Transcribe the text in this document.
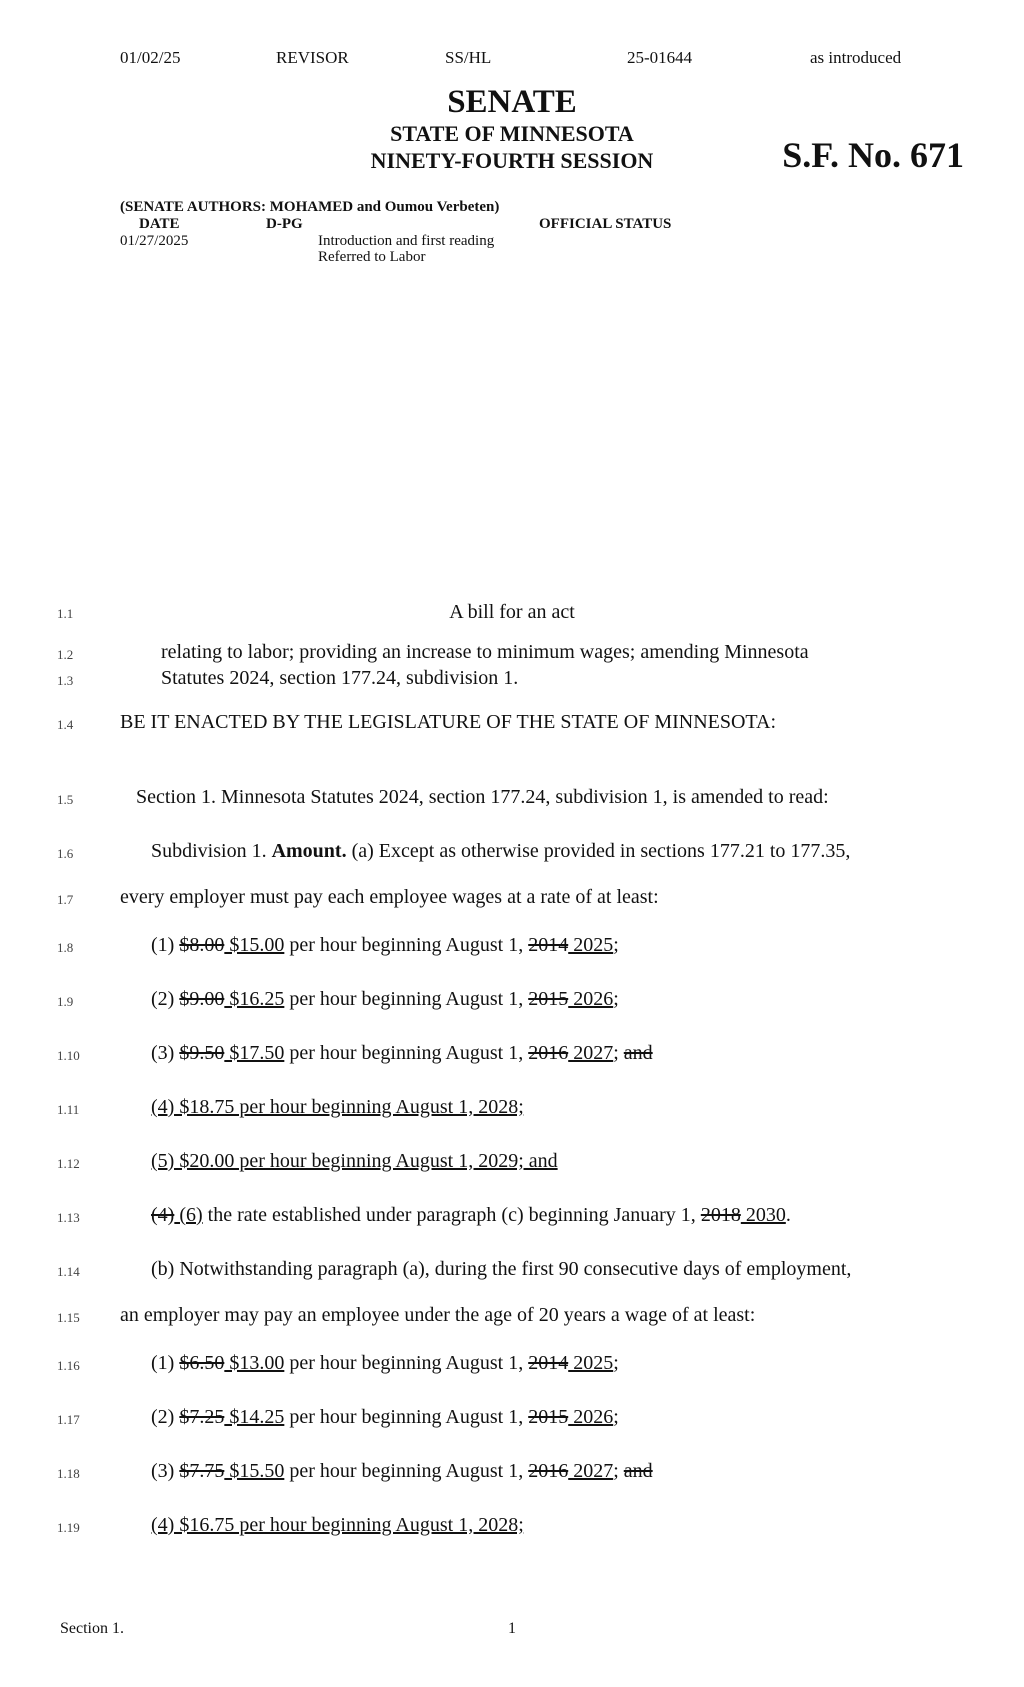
01/02/25	REVISOR	SS/HL	25-01644	as introduced
SENATE
STATE OF MINNESOTA
NINETY-FOURTH SESSION	S.F. No. 671
(SENATE AUTHORS: MOHAMED and Oumou Verbeten)
DATE	D-PG	OFFICIAL STATUS
01/27/2025	Introduction and first reading
Referred to Labor
1.1	A bill for an act
1.2	relating to labor; providing an increase to minimum wages; amending Minnesota
1.3	Statutes 2024, section 177.24, subdivision 1.
1.4 BE IT ENACTED BY THE LEGISLATURE OF THE STATE OF MINNESOTA:
1.5	Section 1. Minnesota Statutes 2024, section 177.24, subdivision 1, is amended to read:
1.6	Subdivision 1. Amount. (a) Except as otherwise provided in sections 177.21 to 177.35,
1.7 every employer must pay each employee wages at a rate of at least:
1.8	(1) $8.00 $15.00 per hour beginning August 1, 2014 2025;
1.9	(2) $9.00 $16.25 per hour beginning August 1, 2015 2026;
1.10	(3) $9.50 $17.50 per hour beginning August 1, 2016 2027; and
1.11	(4) $18.75 per hour beginning August 1, 2028;
1.12	(5) $20.00 per hour beginning August 1, 2029; and
1.13	(4) (6) the rate established under paragraph (c) beginning January 1, 2018 2030.
1.14	(b) Notwithstanding paragraph (a), during the first 90 consecutive days of employment,
1.15 an employer may pay an employee under the age of 20 years a wage of at least:
1.16	(1) $6.50 $13.00 per hour beginning August 1, 2014 2025;
1.17	(2) $7.25 $14.25 per hour beginning August 1, 2015 2026;
1.18	(3) $7.75 $15.50 per hour beginning August 1, 2016 2027; and
1.19	(4) $16.75 per hour beginning August 1, 2028;
Section 1.	1
